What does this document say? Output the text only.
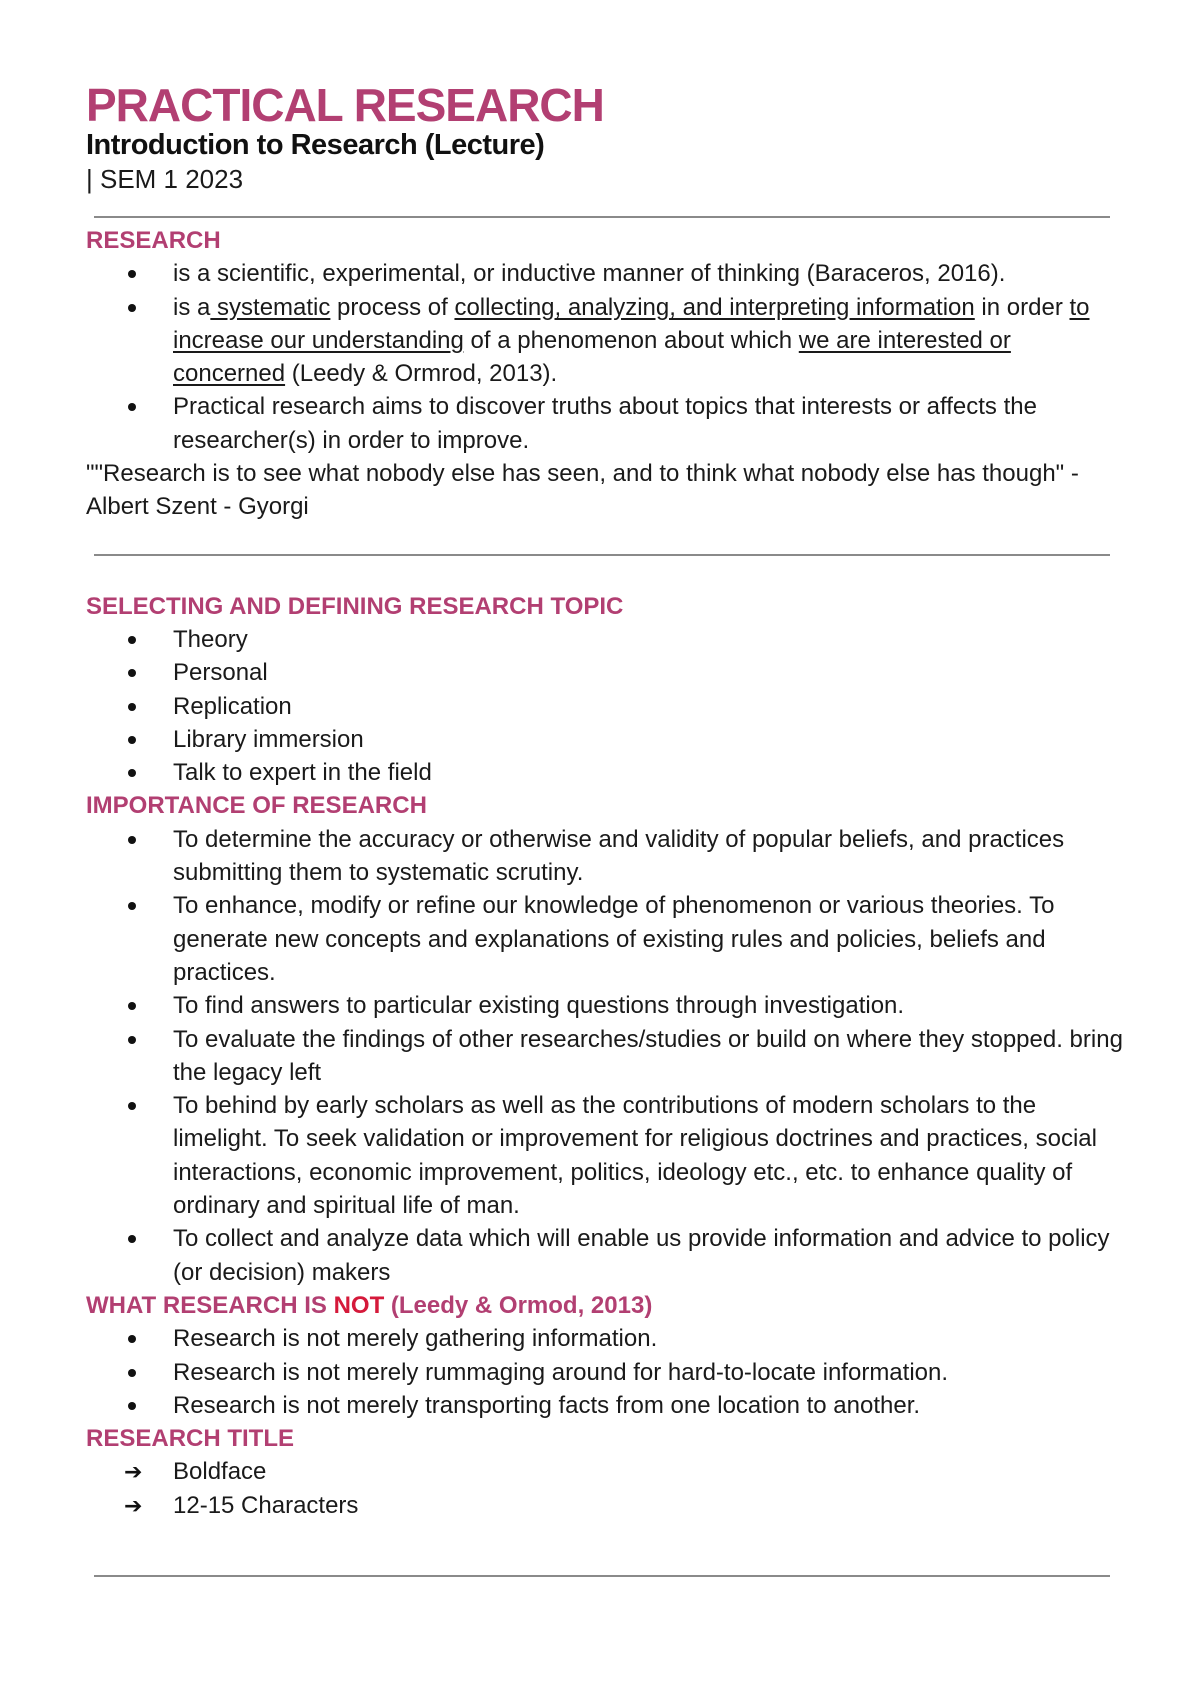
PRACTICAL RESEARCH
Introduction to Research (Lecture)
| SEM 1 2023
RESEARCH
is a scientific, experimental, or inductive manner of thinking (Baraceros, 2016).
is a systematic process of collecting, analyzing, and interpreting information in order to increase our understanding of a phenomenon about which we are interested or concerned (Leedy & Ormrod, 2013).
Practical research aims to discover truths about topics that interests or affects the researcher(s) in order to improve.

""Research is to see what nobody else has seen, and to think what nobody else has though" - Albert Szent - Gyorgi

SELECTING AND DEFINING RESEARCH TOPIC
Theory
Personal
Replication
Library immersion
Talk to expert in the field
IMPORTANCE OF RESEARCH
To determine the accuracy or otherwise and validity of popular beliefs, and practices submitting them to systematic scrutiny.
To enhance, modify or refine our knowledge of phenomenon or various theories. To generate new concepts and explanations of existing rules and policies, beliefs and practices.
To find answers to particular existing questions through investigation.
To evaluate the findings of other researches/studies or build on where they stopped. bring the legacy left
To behind by early scholars as well as the contributions of modern scholars to the limelight. To seek validation or improvement for religious doctrines and practices, social interactions, economic improvement, politics, ideology etc., etc. to enhance quality of ordinary and spiritual life of man.
To collect and analyze data which will enable us provide information and advice to policy (or decision) makers
WHAT RESEARCH IS NOT (Leedy & Ormod, 2013)
Research is not merely gathering information.
Research is not merely rummaging around for hard-to-locate information.
Research is not merely transporting facts from one location to another.
RESEARCH TITLE
➔ Boldface
➔ 12-15 Characters
